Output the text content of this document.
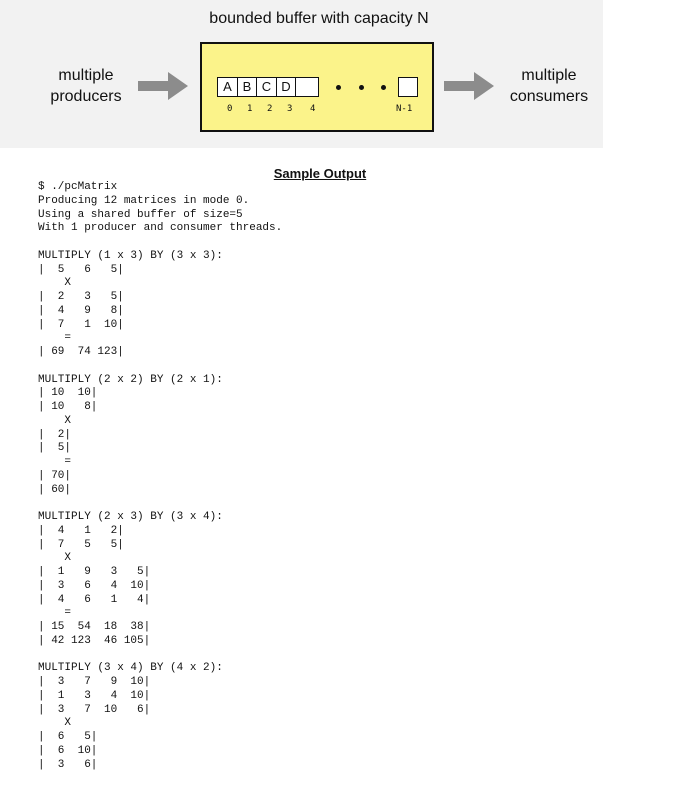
bounded buffer with capacity N
multiple producers
A B C D
0 1 2 3 4	N-1
multiple consumers
Sample Output
$ ./pcMatrix
Producing 12 matrices in mode 0.
Using a shared buffer of size=5
With 1 producer and consumer threads.

MULTIPLY (1 x 3) BY (3 x 3):
|  5   6   5|
X
|  2   3   5|
|  4   9   8|
|  7   1  10|
=
| 69  74 123|

MULTIPLY (2 x 2) BY (2 x 1):
| 10  10|
| 10   8|
X
|  2|
|  5|
=
| 70|
| 60|

MULTIPLY (2 x 3) BY (3 x 4):
|  4   1   2|
|  7   5   5|
X
|  1   9   3   5|
|  3   6   4  10|
|  4   6   1   4|
=
| 15  54  18  38|
| 42 123  46 105|

MULTIPLY (3 x 4) BY (4 x 2):
|  3   7   9  10|
|  1   3   4  10|
|  3   7  10   6|
X
|  6   5|
|  6  10|
|  3   6|
